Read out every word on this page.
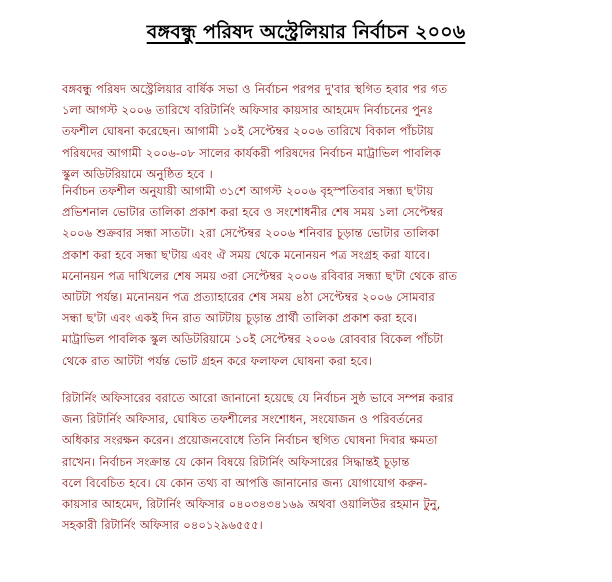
বঙ্গবন্ধু পরিষদ অস্ট্রেলিয়ার নির্বাচন ২০০৬
বঙ্গবন্ধু পরিষদ অস্ট্রেলিয়ার বার্ষিক সভা ও নির্বাচন পরপর দু'বার স্থগিত হবার পর গত
১লা আগস্ট ২০০৬ তারিখে বরিটার্নিং অফিসার কায়সার আহমেদ নির্বাচনের পুনঃ
তফশীল ঘোষনা করেছেন। আগামী ১০ই সেপ্টেম্বর ২০০৬ তারিখে বিকাল পাঁচটায়
পরিষদের আগামী ২০০৬-০৮ সালের কার্যকরী পরিষদের নির্বাচন মাট্রাভিল পাবলিক
স্কুল অডিটরিয়ামে অনুষ্ঠিত হবে ।
নির্বাচন তফশীল অনুযায়ী আগামী ৩১শে আগস্ট ২০০৬ বৃহস্পতিবার সন্ধ্যা ছ'টায়
প্রভিশনাল ভোটার তালিকা প্রকাশ করা হবে ও সংশোধনীর শেষ সময় ১লা সেপ্টেম্বর
২০০৬ শুক্রবার সন্ধা সাতটা। ২রা সেপ্টেম্বর ২০০৬ শনিবার চূড়ান্ত ভোটার তালিকা
প্রকাশ করা হবে সন্ধা ছ'টায় এবং ঐ সময় থেকে মনোনয়ন পত্র সংগ্রহ করা যাবে।
মনোনয়ন পত্র দাখিলের শেষ সময় ৩রা সেপ্টেম্বর ২০০৬ রবিবার সন্ধ্যা ছ'টা থেকে রাত
আটটা পর্যন্ত। মনোনয়ন পত্র প্রত্যাহারের শেষ সময় ৪ঠা সেপ্টেম্বর ২০০৬ সোমবার
সন্ধা ছ'টা এবং একই দিন রাত আটটায় চূড়ান্ত প্রার্থী তালিকা প্রকাশ করা হবে।
মাট্রাভিল পাবলিক স্কুল অডিটরিয়ামে ১০ই সেপ্টেম্বর ২০০৬ রোববার বিকেল পাঁচটা
থেকে রাত আটটা পর্যন্ত ভোট গ্রহন করে ফলাফল ঘোষনা করা হবে।
রিটার্নিং অফিসারের বরাতে আরো জানানো হয়েছে যে নির্বাচন সুষ্ঠ ভাবে সম্পন্ন করার
জন্য রিটার্নিং অফিসার, ঘোষিত তফশীলের সংশোধন, সংযোজন ও পরিবর্তনের
অধিকার সংরক্ষন করেন। প্রয়োজনবোধে তিনি নির্বাচন স্থগিত ঘোষনা দিবার ক্ষমতা
রাখেন। নির্বাচন সংক্রান্ত যে কোন বিষয়ে রিটার্নিং অফিসারের সিদ্ধান্তই চূড়ান্ত
বলে বিবেচিত হবে। যে কোন তথ্য বা আপত্তি জানানোর জন্য যোগাযোগ করুন-
কায়সার আহমেদ, রিটার্নিং অফিসার ০৪০৩৪৩৪১৬৯ অথবা ওয়ালিউর রহমান টুনু,
সহকারী রিটার্নিং অফিসার ০৪০১২৯৬৫৫৫।
